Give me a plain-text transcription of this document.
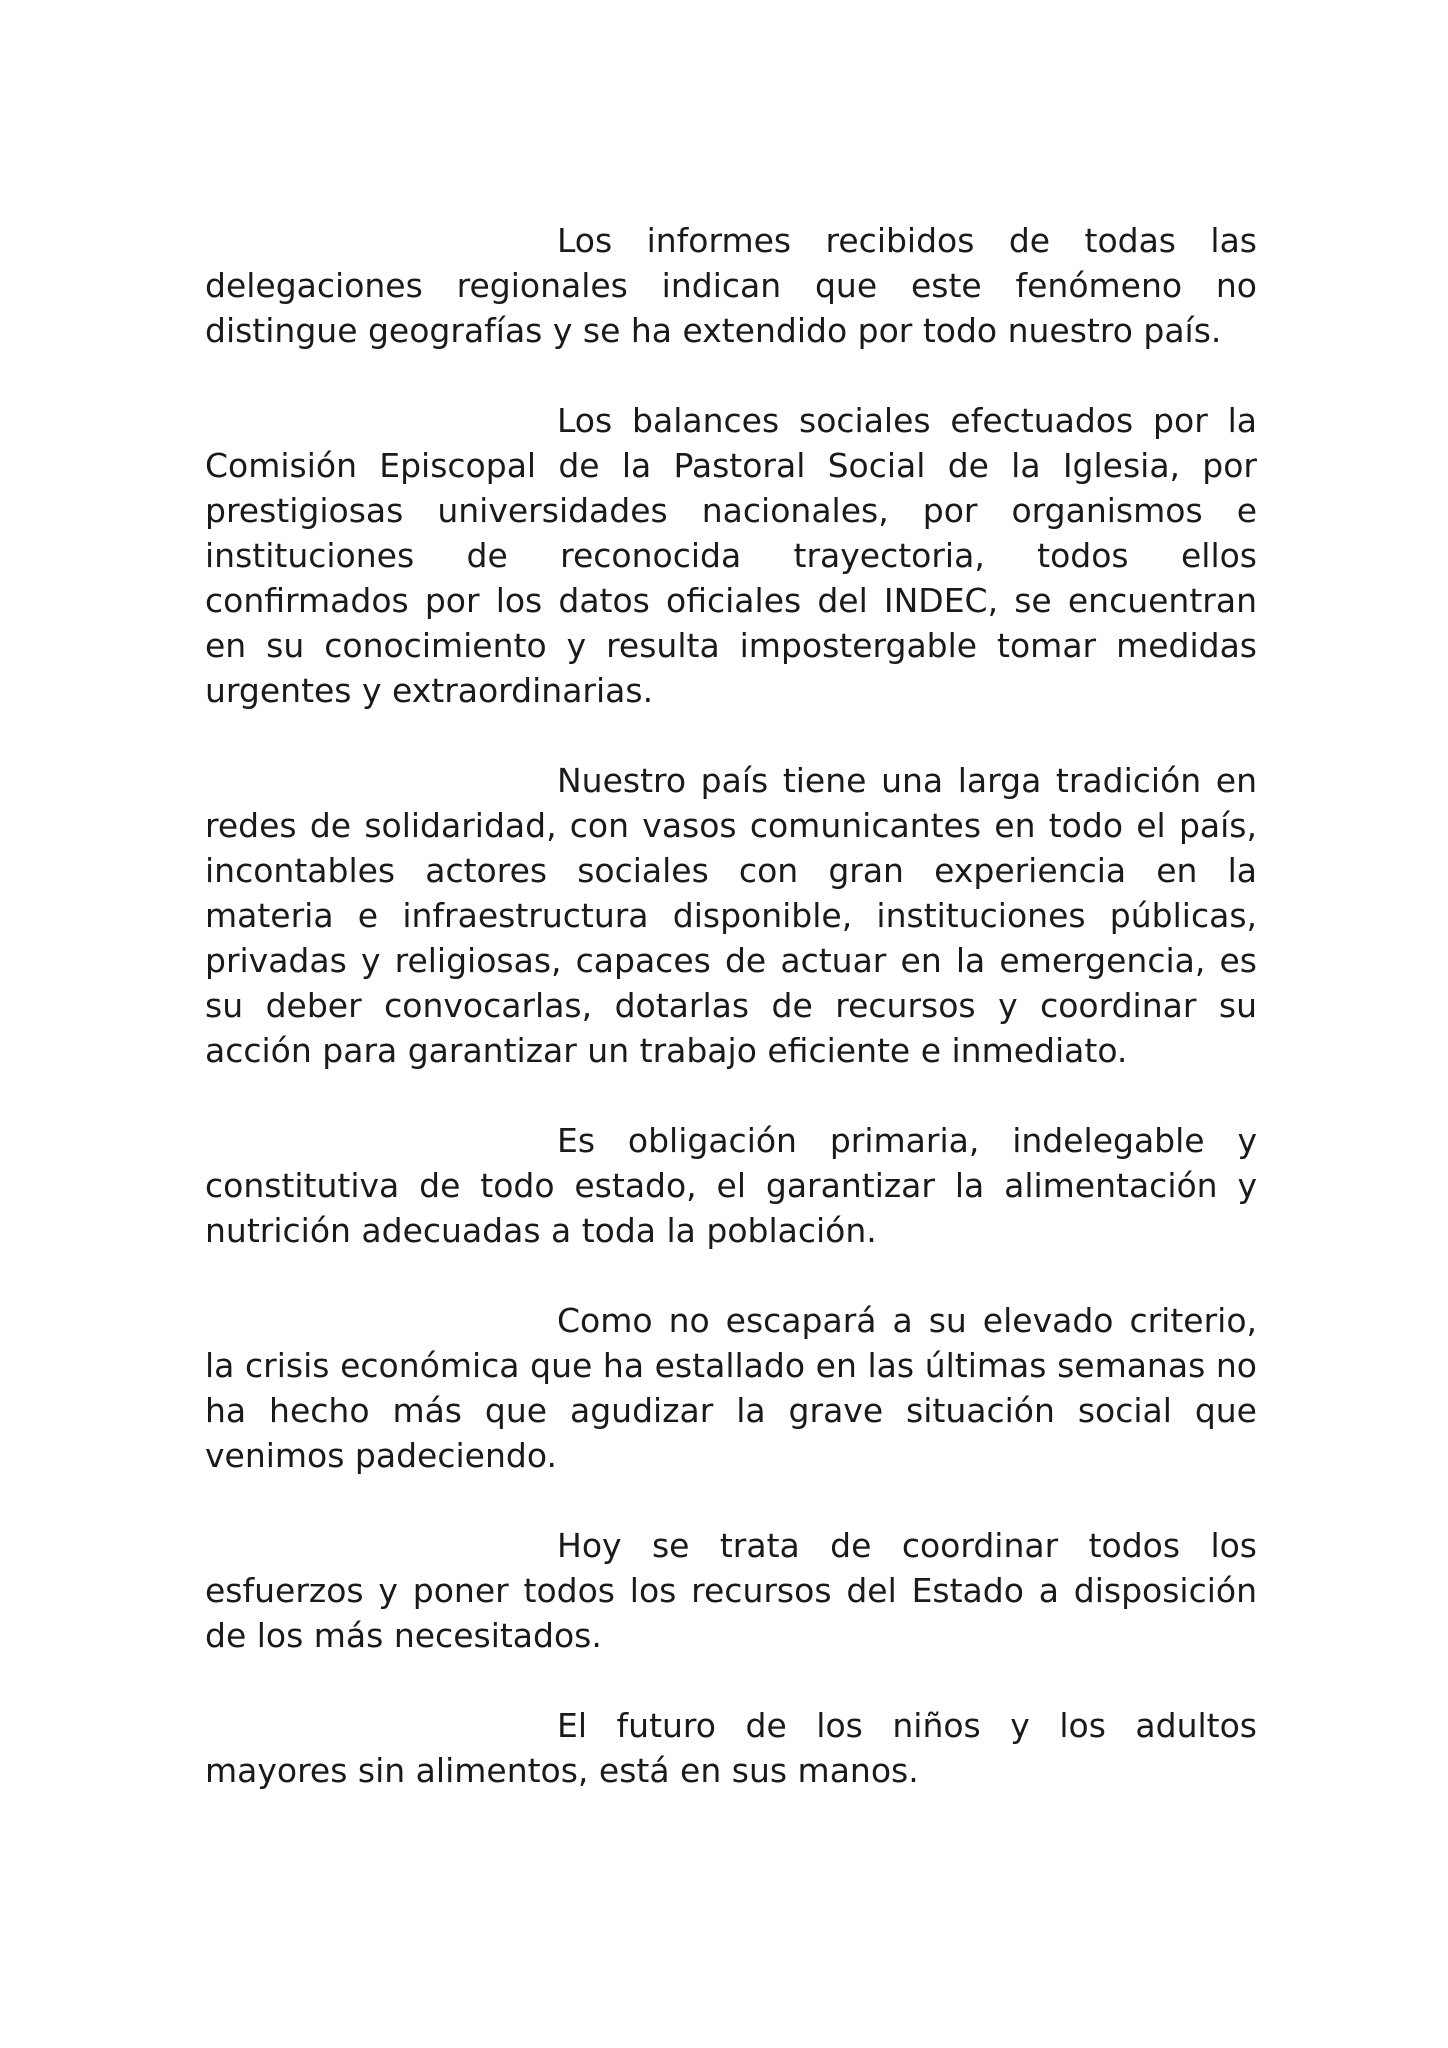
Los informes recibidos de todas las delegaciones regionales indican que este fenómeno no distingue geografías y se ha extendido por todo nuestro país.

Los balances sociales efectuados por la Comisión Episcopal de la Pastoral Social de la Iglesia, por prestigiosas universidades nacionales, por organismos e instituciones de reconocida trayectoria, todos ellos confirmados por los datos oficiales del INDEC, se encuentran en su conocimiento y resulta impostergable tomar medidas urgentes y extraordinarias.

Nuestro país tiene una larga tradición en redes de solidaridad, con vasos comunicantes en todo el país, incontables actores sociales con gran experiencia en la materia e infraestructura disponible, instituciones públicas, privadas y religiosas, capaces de actuar en la emergencia, es su deber convocarlas, dotarlas de recursos y coordinar su acción para garantizar un trabajo eficiente e inmediato.

Es obligación primaria, indelegable y constitutiva de todo estado, el garantizar la alimentación y nutrición adecuadas a toda la población.

Como no escapará a su elevado criterio, la crisis económica que ha estallado en las últimas semanas no ha hecho más que agudizar la grave situación social que venimos padeciendo.

Hoy se trata de coordinar todos los esfuerzos y poner todos los recursos del Estado a disposición de los más necesitados.

El futuro de los niños y los adultos mayores sin alimentos, está en sus manos.
